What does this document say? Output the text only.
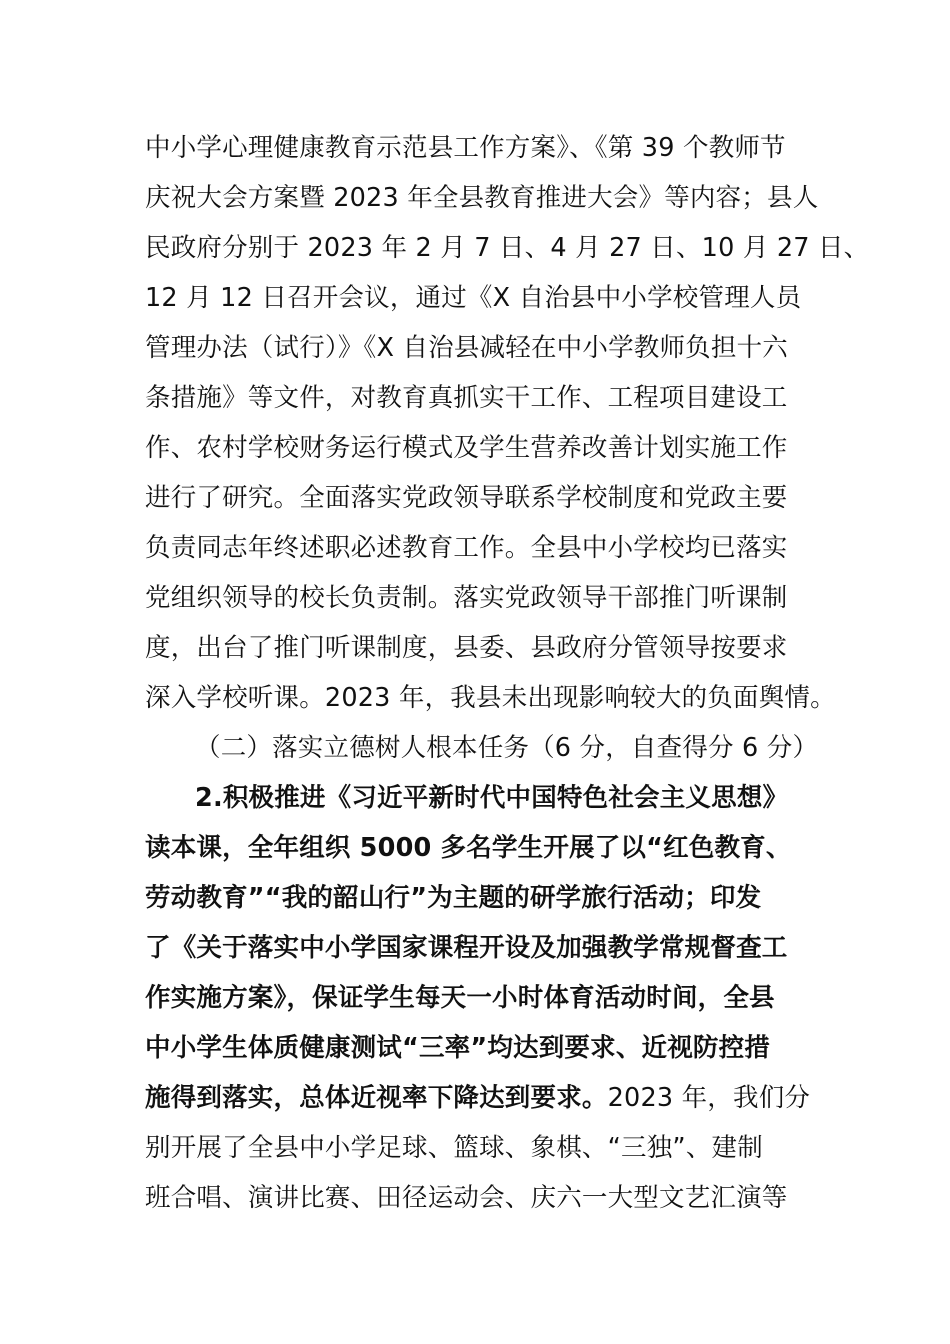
中小学心理健康教育示范县工作方案》、《第 39 个教师节
庆祝大会方案暨 2023 年全县教育推进大会》等内容；县人
民政府分别于 2023 年 2 月 7 日、4 月 27 日、10 月 27 日、
12 月 12 日召开会议，通过《X 自治县中小学校管理人员
管理办法（试行）》《X 自治县减轻在中小学教师负担十六
条措施》等文件，对教育真抓实干工作、工程项目建设工
作、农村学校财务运行模式及学生营养改善计划实施工作
进行了研究。全面落实党政领导联系学校制度和党政主要
负责同志年终述职必述教育工作。全县中小学校均已落实
党组织领导的校长负责制。落实党政领导干部推门听课制
度，出台了推门听课制度，县委、县政府分管领导按要求
深入学校听课。2023 年，我县未出现影响较大的负面舆情。
（二）落实立德树人根本任务（6 分，自查得分 6 分）
2.积极推进《习近平新时代中国特色社会主义思想》
读本课，全年组织 5000 多名学生开展了以“红色教育、
劳动教育”“我的韶山行”为主题的研学旅行活动；印发
了《关于落实中小学国家课程开设及加强教学常规督查工
作实施方案》，保证学生每天一小时体育活动时间，全县
中小学生体质健康测试“三率”均达到要求、近视防控措
施得到落实，总体近视率下降达到要求。2023 年，我们分
别开展了全县中小学足球、篮球、象棋、“三独”、建制
班合唱、演讲比赛、田径运动会、庆六一大型文艺汇演等
